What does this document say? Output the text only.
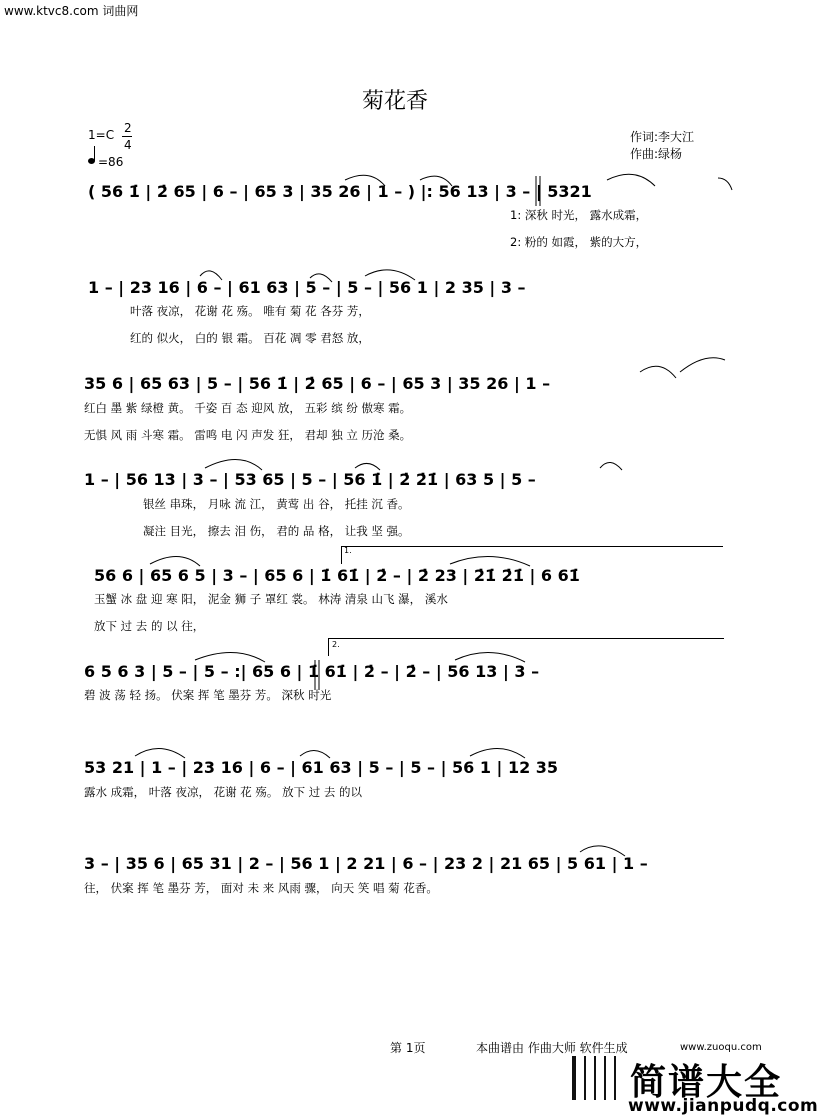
www.ktvc8.com 词曲网
菊花香
1=C 2
4
=86
作词:李大江
作曲:绿杨
( 56 1̇ | 2̇ 65 | 6 – | 65 3 | 35 26 | 1 – ) |: 56 13 | 3 – | 5321
1: 深秋 时光， 露水成霜，
2: 粉的 如霞， 紫的大方，
1 – | 23 16 | 6 – | 61 63 | 5 – | 5 – | 56 1 | 2 35 | 3 –
叶落 夜凉， 花谢 花 殇。 唯有 菊 花 各芬 芳，
红的 似火， 白的 银 霜。 百花 凋 零 君怒 放，
35 6 | 65 63 | 5 – | 56 1̇ | 2̇ 65 | 6 – | 65 3 | 35 26 | 1 –
红白 墨 紫 绿橙 黄。 千姿 百 态 迎风 放， 五彩 缤 纷 傲寒 霜。
无惧 风 雨 斗寒 霜。 雷鸣 电 闪 声发 狂， 君却 独 立 历沧 桑。
1 – | 56 13 | 3 – | 53 65 | 5 – | 56 1̇ | 2̇ 2̇1̇ | 63 5 | 5 –
银丝 串珠， 月咏 流 江， 黄莺 出 谷， 托挂 沉 香。
凝注 目光， 擦去 泪 伤， 君的 品 格， 让我 坚 强。
1.
56 6 | 65 6 5 | 3 – | 65 6 | 1̇ 61̇ | 2̇ – | 2̇ 23 | 2̇1̇ 2̇1̇ | 6 61̇
玉蟹 冰 盘 迎 寒 阳， 泥金 狮 子 罩红 裳。 林涛 清泉 山飞 瀑， 溪水
放下 过 去 的 以 往，
2.
6 5 6 3 | 5 – | 5 – :| 65 6 | 1̇ 61̇ | 2̇ – | 2̇ – | 56 13 | 3 –
碧 波 荡 轻 扬。 伏案 挥 笔 墨芬 芳。 深秋 时光
53 21 | 1 – | 23 16 | 6 – | 61 63 | 5 – | 5 – | 56 1 | 12 35
露水 成霜， 叶落 夜凉， 花谢 花 殇。 放下 过 去 的以
3 – | 35 6 | 65 31 | 2 – | 56 1 | 2 21 | 6 – | 23 2 | 21 65 | 5 61 | 1 –
往， 伏案 挥 笔 墨芬 芳， 面对 未 来 风雨 骤， 向天 笑 唱 菊 花香。
第 1页	本曲谱由 作曲大师 软件生成	www.zuoqu.com
简谱大全
www.jianpudq.com
